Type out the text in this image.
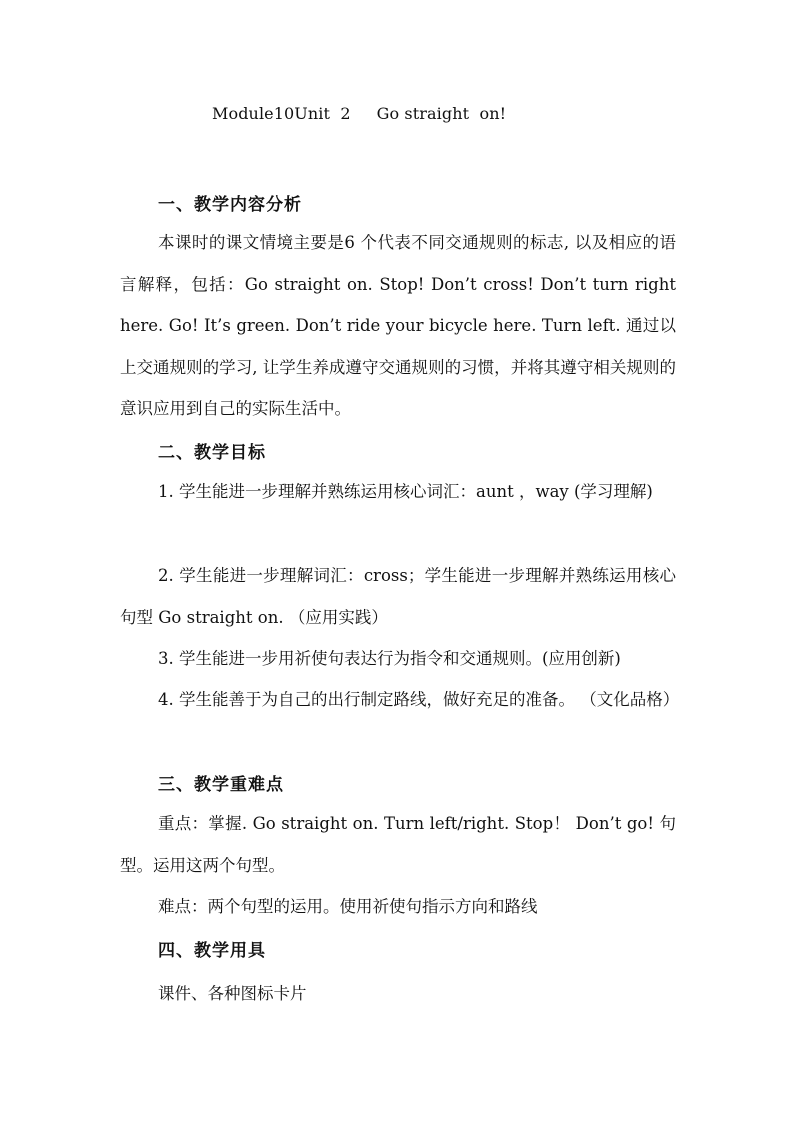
Module10Unit  2     Go straight  on!
一、教学内容分析
本课时的课文情境主要是6 个代表不同交通规则的标志, 以及相应的语言解释，包括：Go straight on. Stop! Don’t cross! Don’t turn right here. Go! It’s green. Don’t ride your bicycle here. Turn left. 通过以上交通规则的学习, 让学生养成遵守交通规则的习惯，并将其遵守相关规则的意识应用到自己的实际生活中。
二、教学目标
1. 学生能进一步理解并熟练运用核心词汇：aunt ，way (学习理解)
2. 学生能进一步理解词汇：cross；学生能进一步理解并熟练运用核心句型 Go straight on. （应用实践）
3. 学生能进一步用祈使句表达行为指令和交通规则。(应用创新)
4. 学生能善于为自己的出行制定路线，做好充足的准备。 （文化品格）
三、教学重难点
重点：掌握. Go straight on. Turn left/right. Stop！ Don’t go! 句型。运用这两个句型。
难点：两个句型的运用。使用祈使句指示方向和路线
四、教学用具
课件、各种图标卡片
